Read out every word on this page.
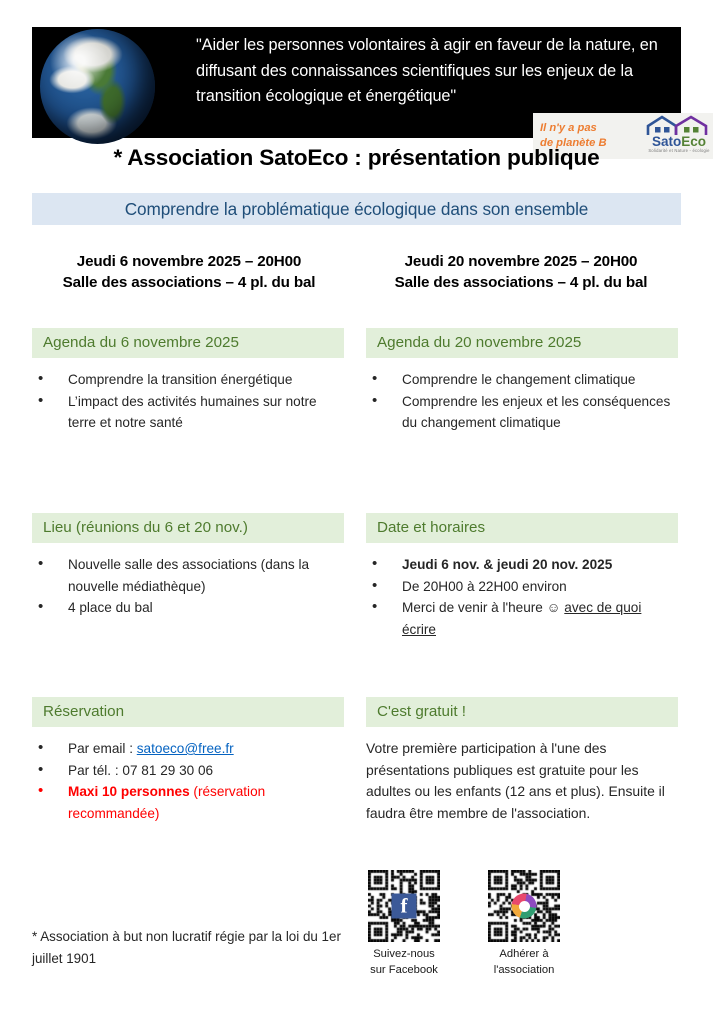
"Aider les personnes volontaires à agir en faveur de la nature, en diffusant des connaissances scientifiques sur les enjeux de la transition écologique et énergétique"
Il n'y a pas
de planète B	SatoEco
Solidarité et Nature - écologie
* Association SatoEco : présentation publique
Comprendre la problématique écologique dans son ensemble
Jeudi 6 novembre 2025 – 20H00
Salle des associations – 4 pl. du bal
Jeudi 20 novembre 2025 – 20H00
Salle des associations – 4 pl. du bal
Agenda du 6 novembre 2025
• Comprendre la transition énergétique
• L’impact des activités humaines sur notre terre et notre santé
Agenda du 20 novembre 2025
• Comprendre le changement climatique
• Comprendre les enjeux et les conséquences du changement climatique
Lieu (réunions du 6 et 20 nov.)
• Nouvelle salle des associations (dans la nouvelle médiathèque)
• 4 place du bal
Date et horaires
• Jeudi 6 nov. & jeudi 20 nov. 2025
• De 20H00 à 22H00 environ
• Merci de venir à l'heure ☺ avec de quoi écrire
Réservation
• Par email : satoeco@free.fr
• Par tél. : 07 81 29 30 06
• Maxi 10 personnes (réservation recommandée)
C'est gratuit !
Votre première participation à l'une des présentations publiques est gratuite pour les adultes ou les enfants (12 ans et plus). Ensuite il faudra être membre de l'association.
f
Suivez-nous
sur Facebook
Adhérer à
l'association
* Association à but non lucratif régie par la loi du 1er juillet 1901
